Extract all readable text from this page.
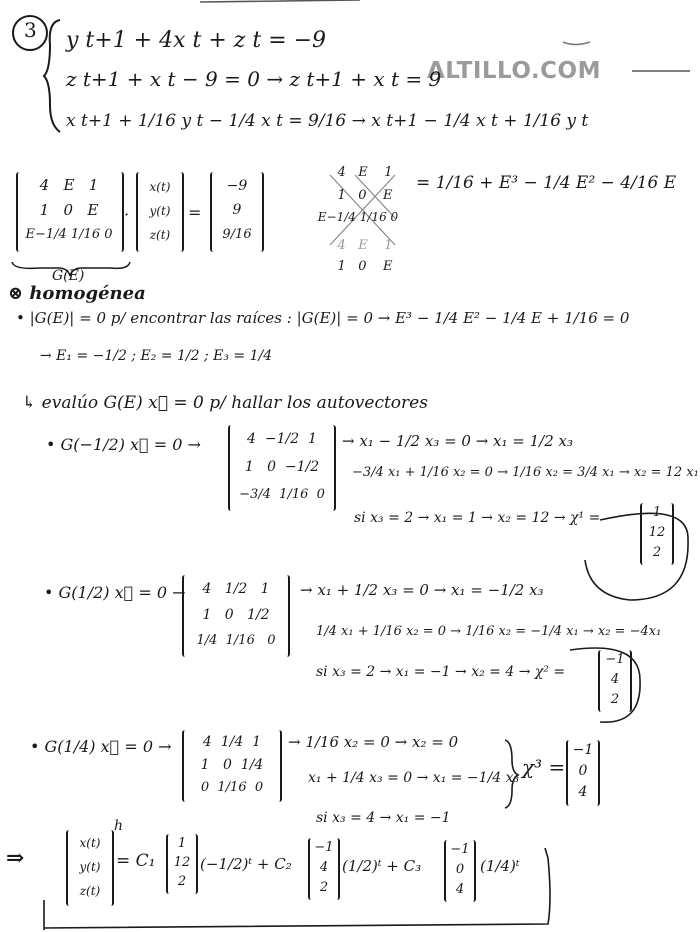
3
ALTILLO.COM
y t+1 + 4x t + z t = −9
z t+1 + x t − 9 = 0 → z t+1 + x t = 9
x t+1 + 1/16 y t − 1/4 x t = 9/16 → x t+1 − 1/4 x t + 1/16 y t
4 E 1
1 0 E
E−1/4 1/16 0
·
x(t)
y(t)
z(t)
=
−9
9
9/16
G(E)
4 E 1
1 0 E
E−1/4 1/16 0
4 E 1
1 0 E
= 1/16 + E³ − 1/4 E² − 4/16 E
⊗ homogénea
• |G(E)| = 0 p/ encontrar las raíces : |G(E)| = 0 → E³ − 1/4 E² − 1/4 E + 1/16 = 0
→ E₁ = −1/2 ; E₂ = 1/2 ; E₃ = 1/4
↳ evalúo G(E) x⃗ = 0 p/ hallar los autovectores
• G(−1/2) x⃗ = 0 →	4 −1/2 1
1 0 −1/2
−3/4 1/16 0
→ x₁ − 1/2 x₃ = 0 → x₁ = 1/2 x₃
−3/4 x₁ + 1/16 x₂ = 0 → 1/16 x₂ = 3/4 x₁ → x₂ = 12 x₁
si x₃ = 2 → x₁ = 1 → x₂ = 12 → χ¹ =	1
12
2
• G(1/2) x⃗ = 0 →	4 1/2 1
1 0 1/2
1/4 1/16 0
→ x₁ + 1/2 x₃ = 0 → x₁ = −1/2 x₃
1/4 x₁ + 1/16 x₂ = 0 → 1/16 x₂ = −1/4 x₁ → x₂ = −4x₁
si x₃ = 2 → x₁ = −1 → x₂ = 4 → χ² =
−1
4
2
• G(1/4) x⃗ = 0 →	4 1/4 1
1 0 1/4
0 1/16 0
→ 1/16 x₂ = 0 → x₂ = 0
x₁ + 1/4 x₃ = 0 → x₁ = −1/4 x₃
si x₃ = 4 → x₁ = −1
χ³ =
−1
0
4
⇒
x(t)
y(t)
z(t)
h
= C₁
1
12
2
(−1/2)ᵗ + C₂
−1
4
2
(1/2)ᵗ + C₃
−1
0
4
(1/4)ᵗ
